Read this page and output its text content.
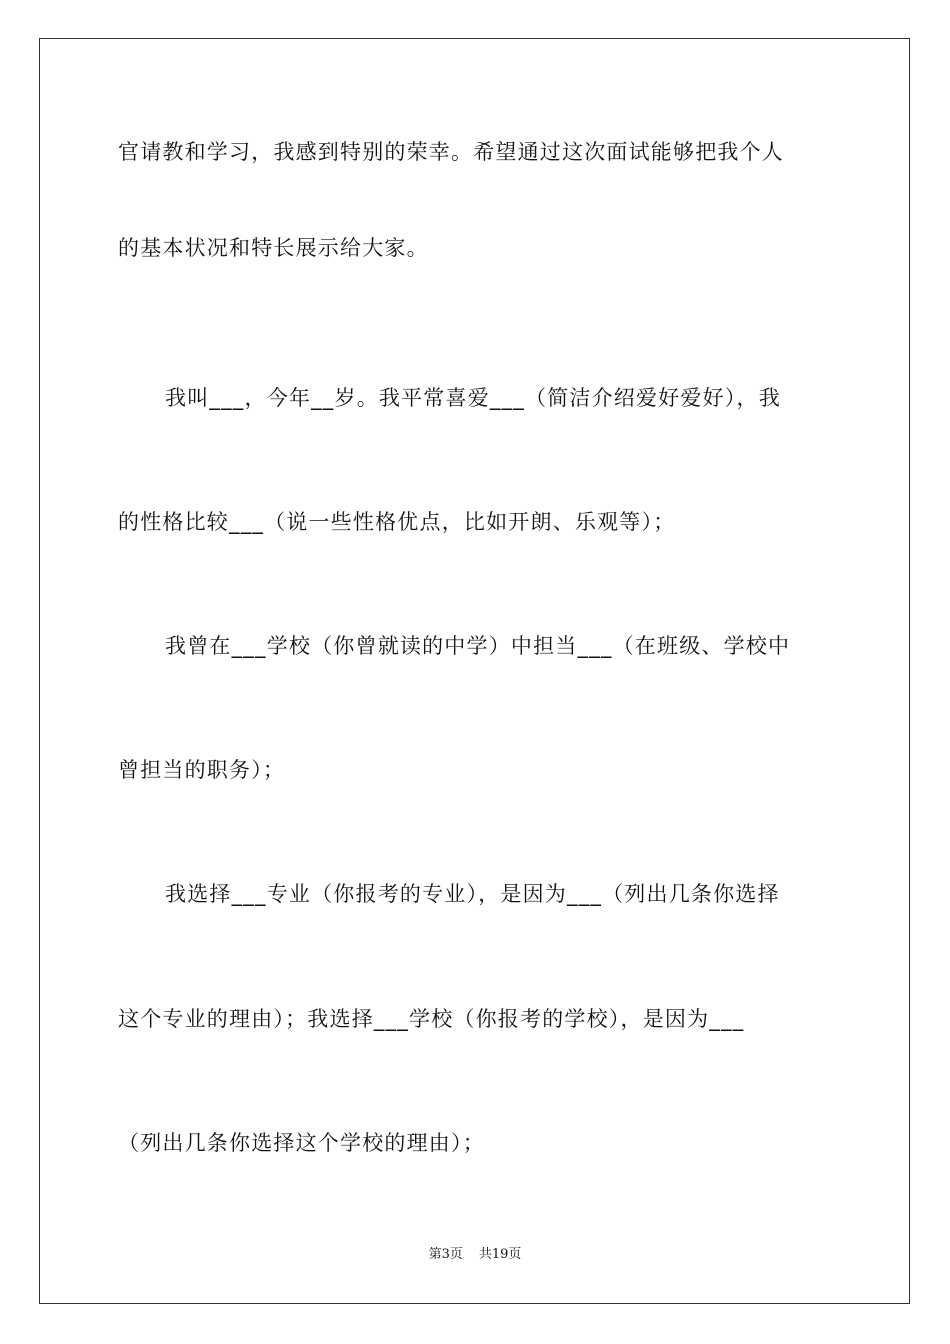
官请教和学习，我感到特别的荣幸。希望通过这次面试能够把我个人
的基本状况和特长展示给大家。
我叫___，今年__岁。我平常喜爱___（简洁介绍爱好爱好），我
的性格比较___（说一些性格优点，比如开朗、乐观等）；
我曾在___学校（你曾就读的中学）中担当___（在班级、学校中
曾担当的职务）；
我选择___专业（你报考的专业），是因为___（列出几条你选择
这个专业的理由）；我选择___学校（你报考的学校），是因为___
（列出几条你选择这个学校的理由）；
第3页 共19页
